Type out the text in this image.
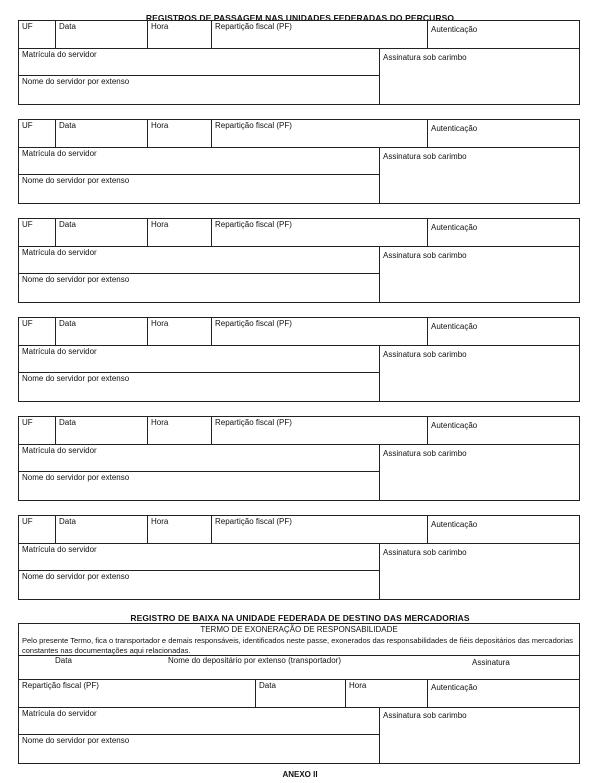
REGISTROS DE PASSAGEM NAS UNIDADES FEDERADAS DO PERCURSO
UF	Data	Hora	Repartição fiscal (PF)	Autenticação
Matrícula do servidor	Assinatura sob carimbo
Nome do servidor por extenso
UF	Data	Hora	Repartição fiscal (PF)	Autenticação
Matrícula do servidor	Assinatura sob carimbo
Nome do servidor por extenso
UF	Data	Hora	Repartição fiscal (PF)	Autenticação
Matrícula do servidor	Assinatura sob carimbo
Nome do servidor por extenso
UF	Data	Hora	Repartição fiscal (PF)	Autenticação
Matrícula do servidor	Assinatura sob carimbo
Nome do servidor por extenso
UF	Data	Hora	Repartição fiscal (PF)	Autenticação
Matrícula do servidor	Assinatura sob carimbo
Nome do servidor por extenso
UF	Data	Hora	Repartição fiscal (PF)	Autenticação
Matrícula do servidor	Assinatura sob carimbo
Nome do servidor por extenso
REGISTRO DE BAIXA NA UNIDADE FEDERADA DE DESTINO DAS MERCADORIAS
TERMO DE EXONERAÇÃO DE RESPONSABILIDADE
Pelo presente Termo, fica o transportador e demais responsáveis, identificados neste passe, exonerados das responsabilidades de fiéis depositários das mercadorias constantes nas documentações aqui relacionadas.
Data	Nome do depositário por extenso (transportador)	Assinatura
Repartição fiscal (PF)	Data	Hora	Autenticação
Matrícula do servidor	Assinatura sob carimbo
Nome do servidor por extenso
ANEXO II
